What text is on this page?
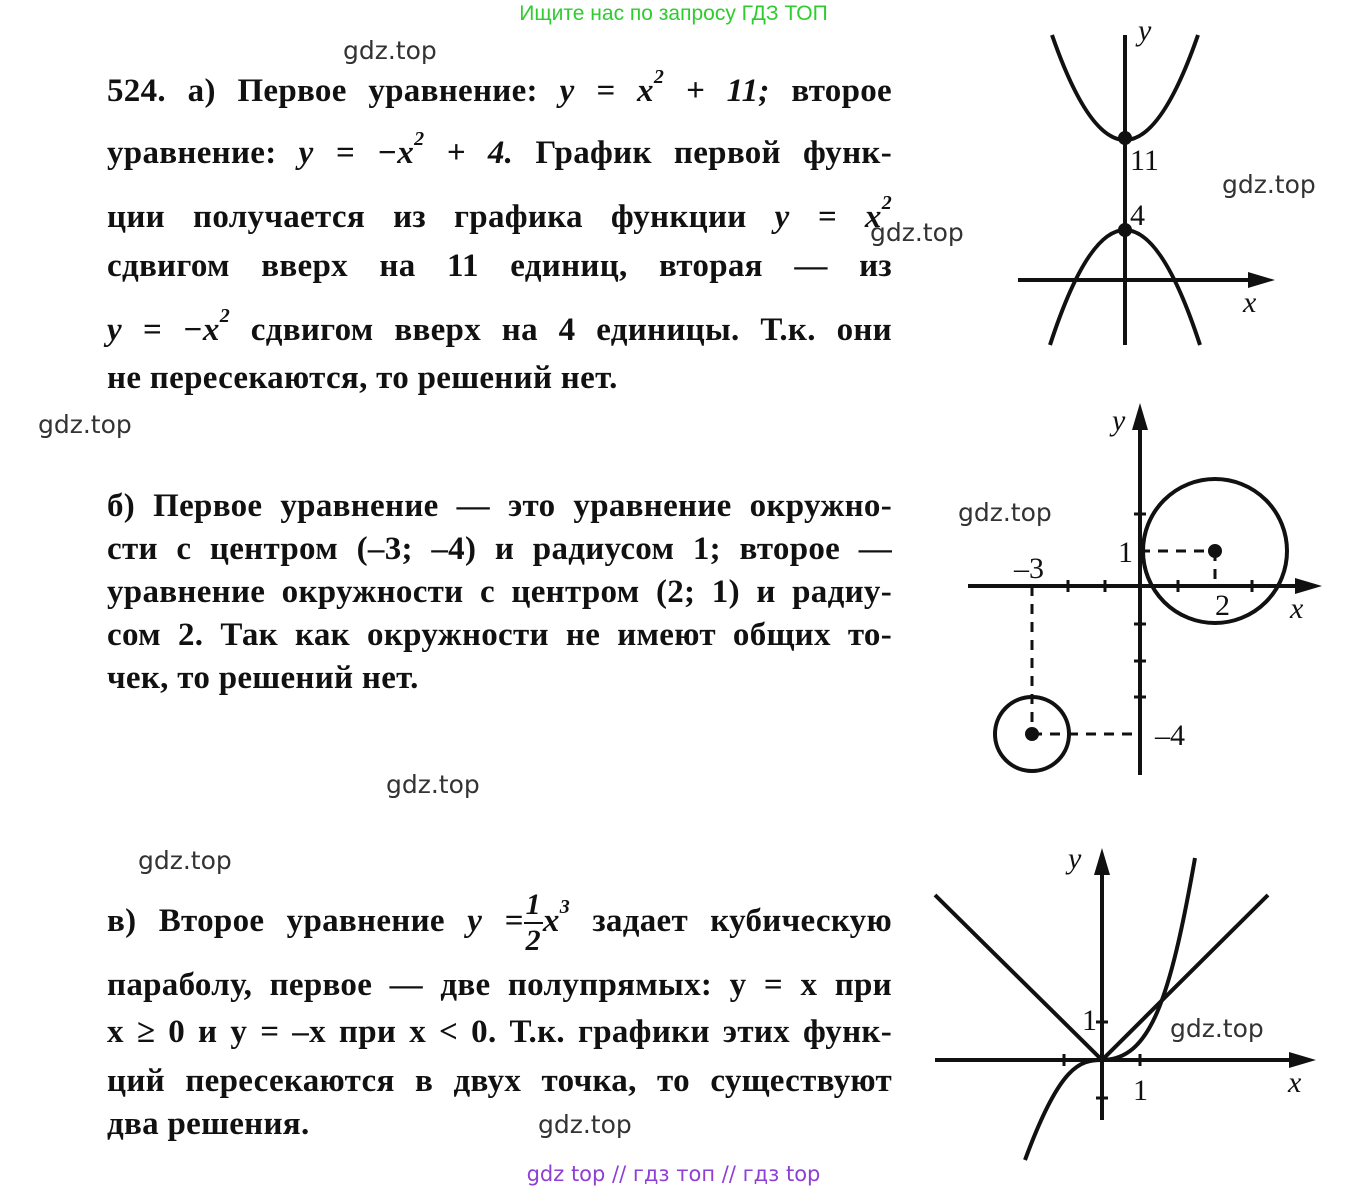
Ищите нас по запросу ГДЗ ТОП
gdz.top
gdz.top
gdz.top
gdz.top
gdz.top
gdz.top
gdz.top
gdz.top
gdz.top
524. а) Первое уравнение: $y = x^2 + 11$; второе
уравнение: $y = -x^2 + 4$. График первой функ-
ции получается из графика функции $y = x^2$
сдвигом вверх на 11 единиц, вторая — из
$y = -x^2$ сдвигом вверх на 4 единицы. Т.к. они
не пересекаются, то решений нет.
б) Первое уравнение — это уравнение окружно-
сти с центром (–3; –4) и радиусом 1; второе —
уравнение окружности с центром (2; 1) и радиу-
сом 2. Так как окружности не имеют общих то-
чек, то решений нет.
в) Второе уравнение $y = \frac{1}{2} x^3$ задает кубическую
параболу, первое — две полупрямых: y = x при
x ≥ 0 и y = –x при x < 0. Т.к. графики этих функ-
ций пересекаются в двух точка, то существуют
два решения.
11
4
x
y
1
2
–3
–4
x
y
1
1
x
y
gdz top // гдз топ // гдз top
